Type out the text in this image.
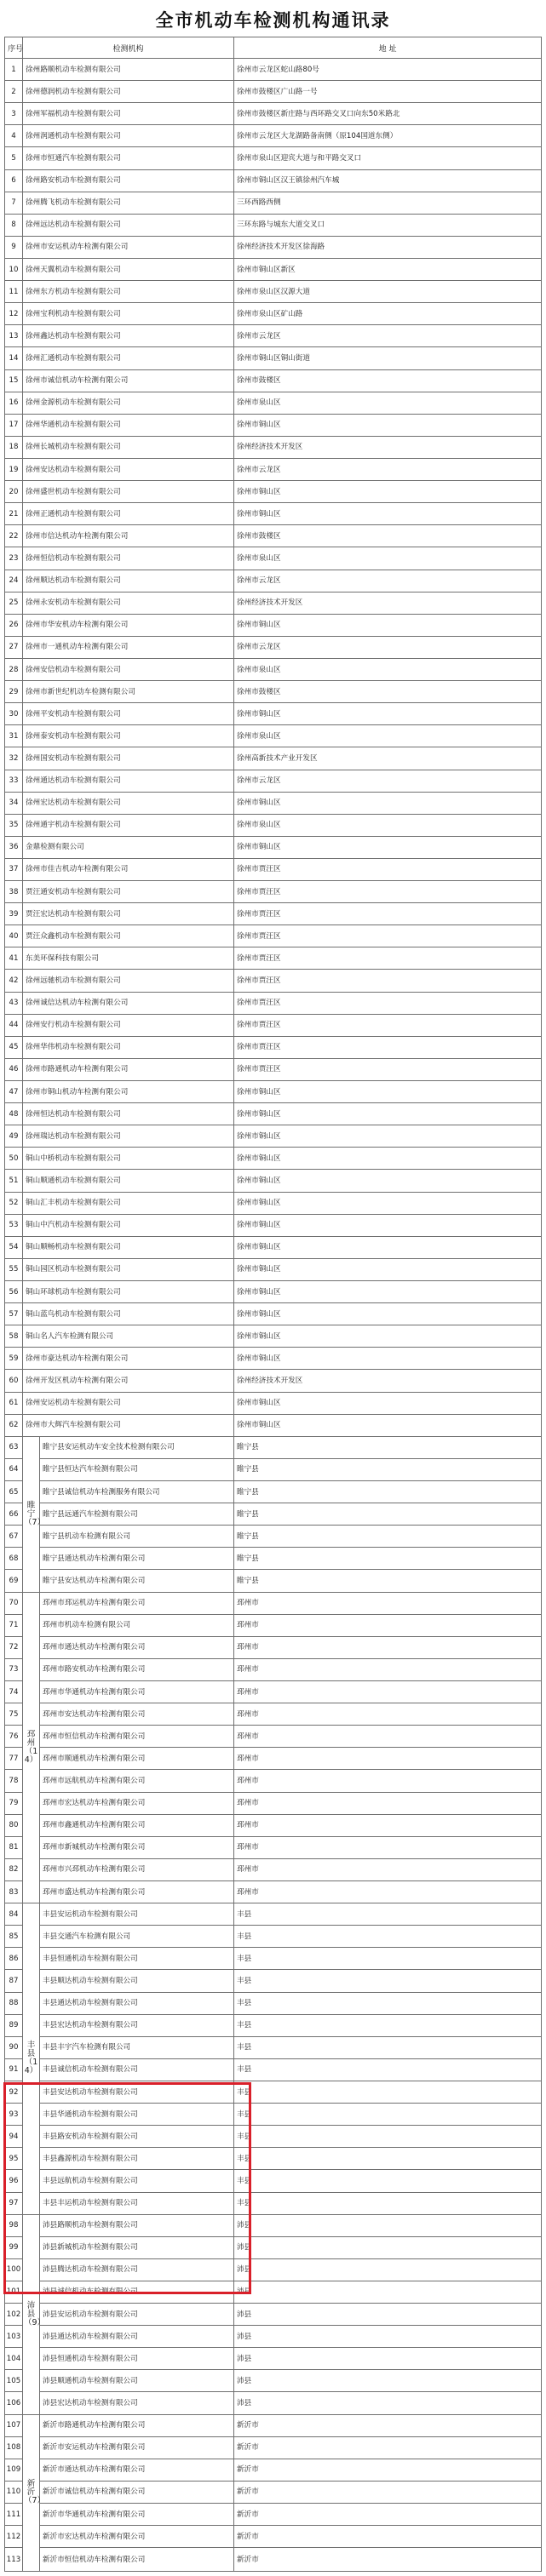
全市机动车检测机构通讯录
序号	检测机构		地 址
1	徐州路顺机动车检测有限公司		徐州市云龙区蛇山路80号
2	徐州德润机动车检测有限公司		徐州市鼓楼区广山路一号
3	徐州军福机动车检测有限公司		徐州市鼓楼区新庄路与西环路交叉口向东50米路北
4	徐州润通机动车检测有限公司		徐州市云龙区大龙湖路备南侧（原104国道东侧）
5	徐州市恒通汽车检测有限公司		徐州市泉山区迎宾大道与和平路交叉口
6	徐州路安机动车检测有限公司		徐州市铜山区汉王镇徐州汽车城
7	徐州腾飞机动车检测有限公司		三环西路西侧
8	徐州远达机动车检测有限公司		三环东路与城东大道交叉口
9	徐州市安运机动车检测有限公司		徐州经济技术开发区徐海路
10	徐州天翼机动车检测有限公司		徐州市铜山区新区
11	徐州东方机动车检测有限公司		徐州市泉山区汉源大道
12	徐州宝利机动车检测有限公司		徐州市泉山区矿山路
13	徐州鑫达机动车检测有限公司		徐州市云龙区
14	徐州汇通机动车检测有限公司		徐州市铜山区铜山街道
15	徐州市诚信机动车检测有限公司		徐州市鼓楼区
16	徐州金源机动车检测有限公司		徐州市泉山区
17	徐州华通机动车检测有限公司		徐州市铜山区
18	徐州长城机动车检测有限公司		徐州经济技术开发区
19	徐州安达机动车检测有限公司		徐州市云龙区
20	徐州盛世机动车检测有限公司		徐州市铜山区
21	徐州正通机动车检测有限公司		徐州市铜山区
22	徐州市信达机动车检测有限公司		徐州市鼓楼区
23	徐州恒信机动车检测有限公司		徐州市泉山区
24	徐州顺达机动车检测有限公司		徐州市云龙区
25	徐州永安机动车检测有限公司		徐州经济技术开发区
26	徐州市华安机动车检测有限公司		徐州市铜山区
27	徐州市一通机动车检测有限公司		徐州市云龙区
28	徐州安信机动车检测有限公司		徐州市泉山区
29	徐州市新世纪机动车检测有限公司		徐州市鼓楼区
30	徐州平安机动车检测有限公司		徐州市铜山区
31	徐州泰安机动车检测有限公司		徐州市泉山区
32	徐州国安机动车检测有限公司		徐州高新技术产业开发区
33	徐州通达机动车检测有限公司		徐州市云龙区
34	徐州宏达机动车检测有限公司		徐州市铜山区
35	徐州通宇机动车检测有限公司		徐州市泉山区
36	金鼎检测有限公司		徐州市铜山区
37	徐州市佳吉机动车检测有限公司		徐州市贾汪区
38	贾汪通安机动车检测有限公司		徐州市贾汪区
39	贾汪宏达机动车检测有限公司		徐州市贾汪区
40	贾汪众鑫机动车检测有限公司		徐州市贾汪区
41	东美环保科技有限公司		徐州市贾汪区
42	徐州远驰机动车检测有限公司		徐州市贾汪区
43	徐州诚信达机动车检测有限公司		徐州市贾汪区
44	徐州安行机动车检测有限公司		徐州市贾汪区
45	徐州华伟机动车检测有限公司		徐州市贾汪区
46	徐州市路通机动车检测有限公司		徐州市贾汪区
47	徐州市铜山机动车检测有限公司		徐州市铜山区
48	徐州恒达机动车检测有限公司		徐州市铜山区
49	徐州瑞达机动车检测有限公司		徐州市铜山区
50	铜山中桥机动车检测有限公司		徐州市铜山区
51	铜山顺通机动车检测有限公司		徐州市铜山区
52	铜山汇丰机动车检测有限公司		徐州市铜山区
53	铜山中汽机动车检测有限公司		徐州市铜山区
54	铜山顺畅机动车检测有限公司		徐州市铜山区
55	铜山园区机动车检测有限公司		徐州市铜山区
56	铜山环球机动车检测有限公司		徐州市铜山区
57	铜山蓝鸟机动车检测有限公司		徐州市铜山区
58	铜山名人汽车检测有限公司		徐州市铜山区
59	徐州市豪达机动车检测有限公司		徐州市铜山区
60	徐州开发区机动车检测有限公司		徐州经济技术开发区
61	徐州安运机动车检测有限公司		徐州市铜山区
62	徐州市大辉汽车检测有限公司		徐州市铜山区
63	睢宁（7）	睢宁县安运机动车安全技术检测有限公司	睢宁县
64		睢宁县恒达汽车检测有限公司	睢宁县
65		睢宁县诚信机动车检测服务有限公司	睢宁县
66		睢宁县远通汽车检测有限公司	睢宁县
67		睢宁县机动车检测有限公司	睢宁县
68		睢宁县通达机动车检测有限公司	睢宁县
69		睢宁县安达机动车检测有限公司	睢宁县
70	邳州（14）	邳州市邳运机动车检测有限公司	邳州市
71		邳州市机动车检测有限公司	邳州市
72		邳州市通达机动车检测有限公司	邳州市
73		邳州市路安机动车检测有限公司	邳州市
74		邳州市华通机动车检测有限公司	邳州市
75		邳州市安达机动车检测有限公司	邳州市
76		邳州市恒信机动车检测有限公司	邳州市
77		邳州市顺通机动车检测有限公司	邳州市
78		邳州市远航机动车检测有限公司	邳州市
79		邳州市宏达机动车检测有限公司	邳州市
80		邳州市鑫通机动车检测有限公司	邳州市
81		邳州市新城机动车检测有限公司	邳州市
82		邳州市兴邳机动车检测有限公司	邳州市
83		邳州市盛达机动车检测有限公司	邳州市
84	丰县（14）	丰县安运机动车检测有限公司	丰县
85		丰县交通汽车检测有限公司	丰县
86		丰县恒通机动车检测有限公司	丰县
87		丰县顺达机动车检测有限公司	丰县
88		丰县通达机动车检测有限公司	丰县
89		丰县宏达机动车检测有限公司	丰县
90		丰县丰宇汽车检测有限公司	丰县
91		丰县诚信机动车检测有限公司	丰县
92		丰县安达机动车检测有限公司	丰县
93		丰县华通机动车检测有限公司	丰县
94		丰县路安机动车检测有限公司	丰县
95		丰县鑫源机动车检测有限公司	丰县
96		丰县远航机动车检测有限公司	丰县
97		丰县丰运机动车检测有限公司	丰县
98	沛县（9）	沛县路顺机动车检测有限公司	沛县
99		沛县新城机动车检测有限公司	沛县
100		沛县腾达机动车检测有限公司	沛县
101		沛县诚信机动车检测有限公司	沛县
102		沛县安运机动车检测有限公司	沛县
103		沛县通达机动车检测有限公司	沛县
104		沛县恒通机动车检测有限公司	沛县
105		沛县顺通机动车检测有限公司	沛县
106		沛县宏达机动车检测有限公司	沛县
107	新沂（7）	新沂市路通机动车检测有限公司	新沂市
108		新沂市安运机动车检测有限公司	新沂市
109		新沂市通达机动车检测有限公司	新沂市
110		新沂市诚信机动车检测有限公司	新沂市
111		新沂市华通机动车检测有限公司	新沂市
112		新沂市宏达机动车检测有限公司	新沂市
113		新沂市恒信机动车检测有限公司	新沂市
